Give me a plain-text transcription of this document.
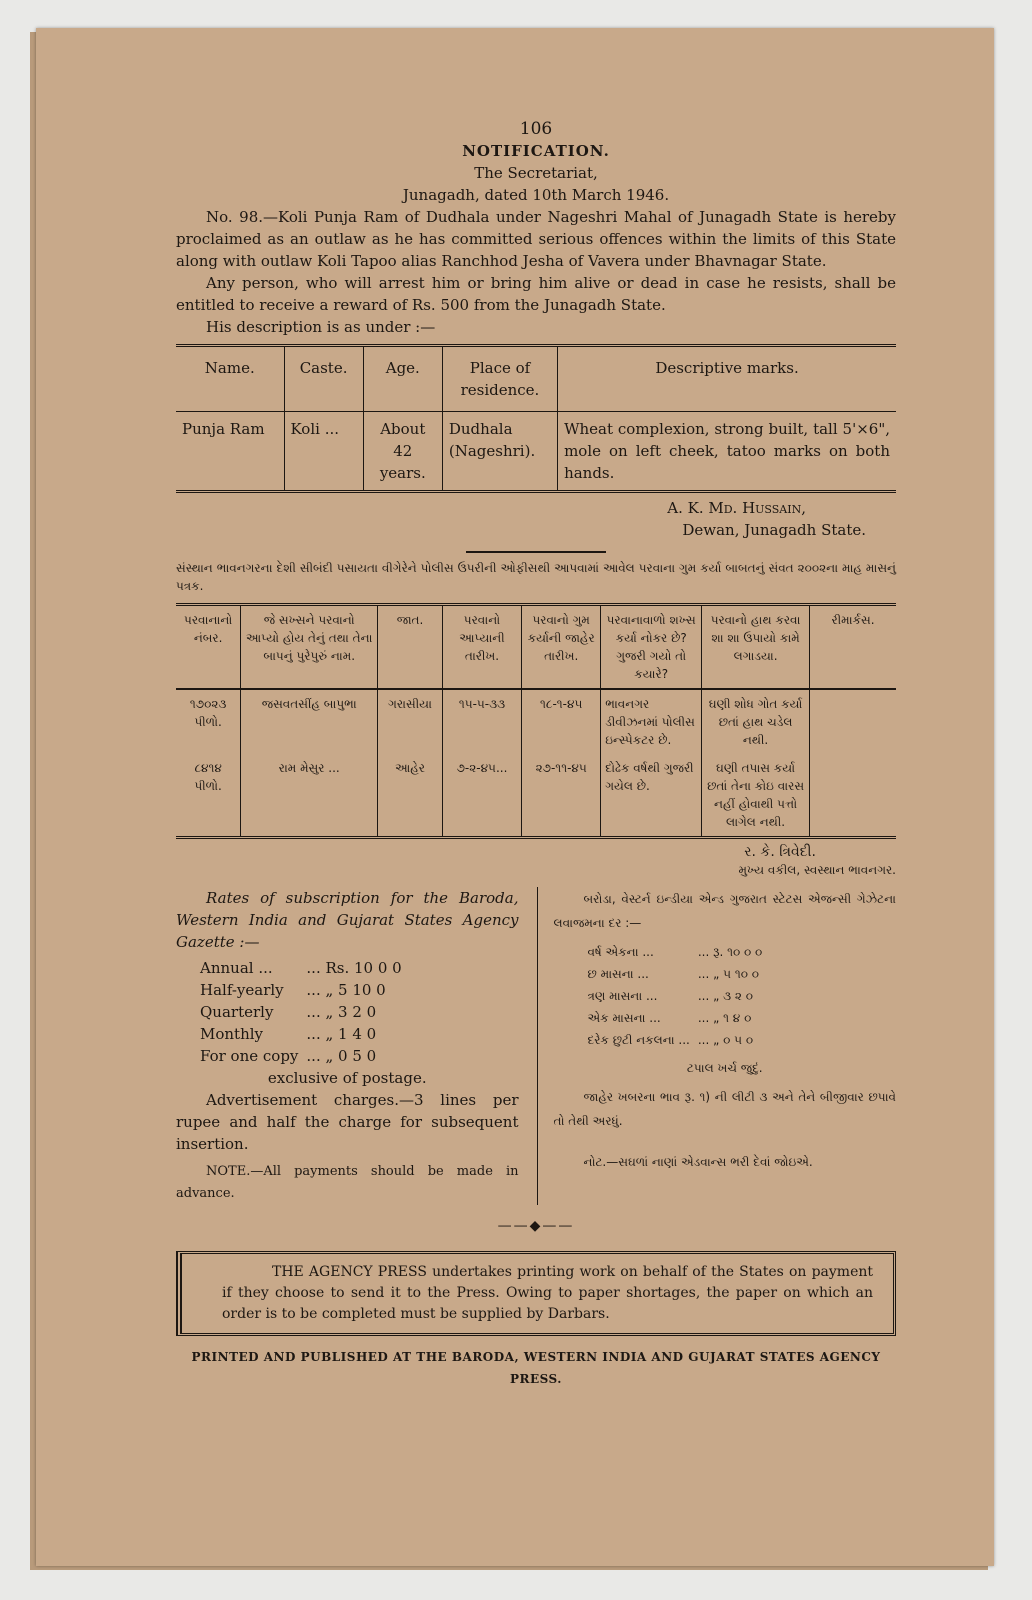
106
NOTIFICATION.
The Secretariat,
Junagadh, dated 10th March 1946.

No. 98.—Koli Punja Ram of Dudhala under Nageshri Mahal of Junagadh State is hereby proclaimed as an outlaw as he has committed serious offences within the limits of this State along with outlaw Koli Tapoo alias Ranchhod Jesha of Vavera under Bhavnagar State.

Any person, who will arrest him or bring him alive or dead in case he resists, shall be entitled to receive a reward of Rs. 500 from the Junagadh State.

His description is as under :—

Name.	Caste.	Age.	Place of residence.	Descriptive marks.
Punja Ram	Koli ...	About 42 years.	Dudhala (Nageshri).	Wheat complexion, strong built, tall 5'×6", mole on left cheek, tatoo marks on both hands.
A. K. Md. Hussain,
Dewan, Junagadh State.

સંસ્થાન ભાવનગરના દેશી સીબંદી પસાયતા વીગેરેને પોલીસ ઉપરીની ઓફીસથી આપવામાં આવેલ પરવાના ગુમ કર્યા બાબતનું સંવત ૨૦૦૨ના માહ માસનું પત્રક.

પરવાનાનો નંબર.	જે સખ્સને પરવાનો આપ્યો હોય તેનું તથા તેના બાપનું પુરેપુરું નામ.	જાત.	પરવાનો આપ્યાની તારીખ.	પરવાનો ગુમ કર્યાની જાહેર તારીખ.	પરવાનાવાળો શખ્સ કર્યા નોકર છે? ગુજરી ગયો તો કયારે?	પરવાનો હાથ કરવા શા શા ઉપાયો કામે લગાડયા.	રીમાર્કસ.
૧૭૦૨૩ પીળો.	જસવતસીંહ બાપુભા	ગરાસીયા	૧૫-૫-૩૩	૧૮-૧-૪૫	ભાવનગર ડીવીઝનમાં પોલીસ ઇન્સ્પેકટર છે.	ઘણી શોધ ગોત કર્યા છતાં હાથ ચડેલ નથી.	
૮૪૧૪ પીળો.	રામ મેસુર ...	આહેર	૭-૨-૪૫...	૨૭-૧૧-૪૫	દોઢેક વર્ષથી ગુજરી ગયેલ છે.	ઘણી તપાસ કર્યા છતાં તેના કોઇ વારસ નહીં હોવાથી પત્તો લાગેલ નથી.	
ર. કે. ત્રિવેદી.
મુખ્ય વકીલ, સ્વસ્થાન ભાવનગર.

Rates of subscription for the Baroda, Western India and Gujarat States Agency Gazette :—

Annual ...	... Rs. 10 0 0
Half-yearly	... „ 5 10 0
Quarterly	... „ 3 2 0
Monthly	... „ 1 4 0
For one copy	... „ 0 5 0
exclusive of postage.

Advertisement charges.—3 lines per rupee and half the charge for subsequent insertion.

NOTE.—All payments should be made in advance.

બરોડા, વેસ્ટર્ન ઇન્ડીયા એન્ડ ગુજરાત સ્ટેટસ એજન્સી ગેઝેટના લવાજમના દર :—

વર્ષ એકના ...	... રૂ. ૧૦ ૦ ૦
છ માસના ...	... „ ૫ ૧૦ ૦
ત્રણ માસના ...	... „ ૩ ૨ ૦
એક માસના ...	... „ ૧ ૪ ૦
દરેક છુટી નકલના ...	... „ ૦ ૫ ૦
ટપાલ ખર્ચ જુદું.

જાહેર ખબરના ભાવ રૂ. ૧) ની લીટી ૩ અને તેને બીજીવાર છપાવે તો તેથી અરધું.

નોટ.—સઘળાં નાણાં એડવાન્સ ભરી દેવાં જોઇએ.

——◆——

THE AGENCY PRESS undertakes printing work on behalf of the States on payment if they choose to send it to the Press. Owing to paper shortages, the paper on which an order is to be completed must be supplied by Darbars.

PRINTED AND PUBLISHED AT THE BARODA, WESTERN INDIA AND GUJARAT STATES AGENCY PRESS.
